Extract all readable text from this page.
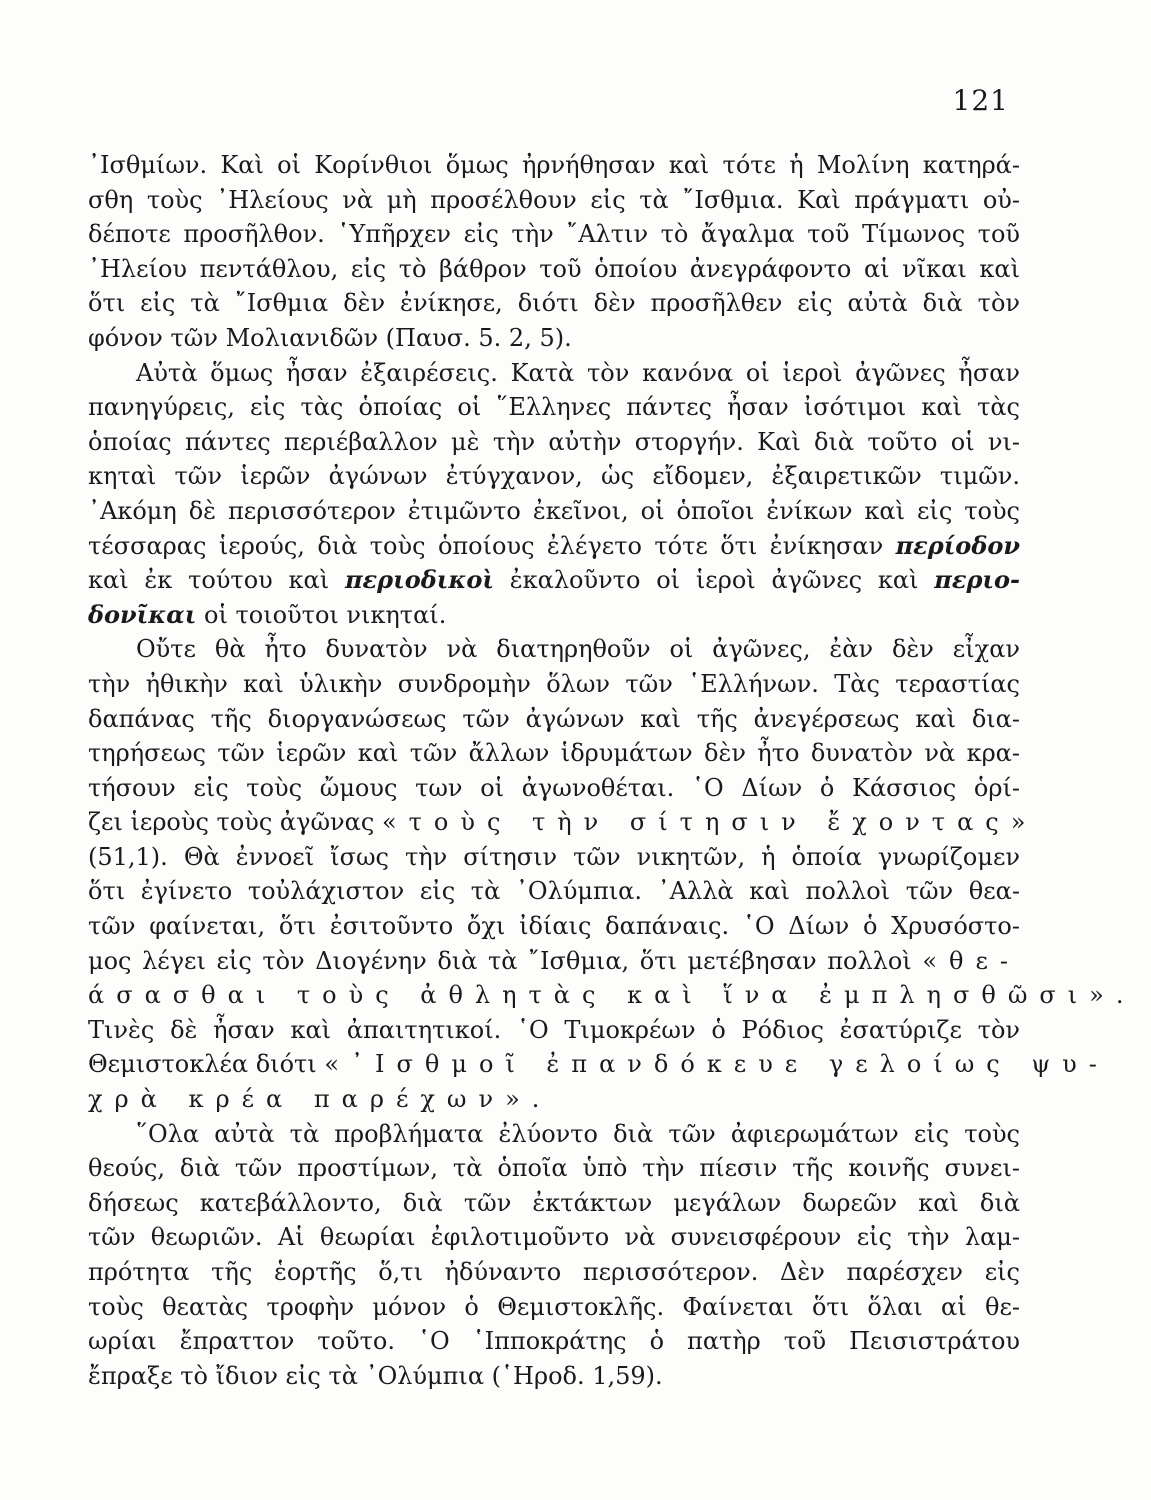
121
᾿Ισθμίων. Καὶ οἱ Κορίνθιοι ὅμως ἠρνήθησαν καὶ τότε ἡ Μολίνη κατηρά-
σθη τοὺς ᾿Ηλείους νὰ μὴ προσέλθουν εἰς τὰ ῎Ισθμια. Καὶ πράγματι οὐ-
δέποτε προσῆλθον. ῾Υπῆρχεν εἰς τὴν ῎Αλτιν τὸ ἄγαλμα τοῦ Τίμωνος τοῦ
᾿Ηλείου πεντάθλου, εἰς τὸ βάθρον τοῦ ὁποίου ἀνεγράφοντο αἱ νῖκαι καὶ
ὅτι εἰς τὰ ῎Ισθμια δὲν ἐνίκησε, διότι δὲν προσῆλθεν εἰς αὐτὰ διὰ τὸν
φόνον τῶν Μολιανιδῶν (Παυσ. 5. 2, 5).
Αὐτὰ ὅμως ἦσαν ἐξαιρέσεις. Κατὰ τὸν κανόνα οἱ ἱεροὶ ἀγῶνες ἦσαν
πανηγύρεις, εἰς τὰς ὁποίας οἱ ῞Ελληνες πάντες ἦσαν ἰσότιμοι καὶ τὰς
ὁποίας πάντες περιέβαλλον μὲ τὴν αὐτὴν στοργήν. Καὶ διὰ τοῦτο οἱ νι-
κηταὶ τῶν ἱερῶν ἀγώνων ἐτύγχανον, ὡς εἴδομεν, ἐξαιρετικῶν τιμῶν.
᾿Ακόμη δὲ περισσότερον ἐτιμῶντο ἐκεῖνοι, οἱ ὁποῖοι ἐνίκων καὶ εἰς τοὺς
τέσσαρας ἱερούς, διὰ τοὺς ὁποίους ἐλέγετο τότε ὅτι ἐνίκησαν περίοδον
καὶ ἐκ τούτου καὶ περιοδικοὶ ἐκαλοῦντο οἱ ἱεροὶ ἀγῶνες καὶ περιο-
δονῖκαι οἱ τοιοῦτοι νικηταί.
Οὔτε θὰ ἦτο δυνατὸν νὰ διατηρηθοῦν οἱ ἀγῶνες, ἐὰν δὲν εἶχαν
τὴν ἠθικὴν καὶ ὑλικὴν συνδρομὴν ὅλων τῶν ῾Ελλήνων. Τὰς τεραστίας
δαπάνας τῆς διοργανώσεως τῶν ἀγώνων καὶ τῆς ἀνεγέρσεως καὶ δια-
τηρήσεως τῶν ἱερῶν καὶ τῶν ἄλλων ἱδρυμάτων δὲν ἦτο δυνατὸν νὰ κρα-
τήσουν εἰς τοὺς ὤμους των οἱ ἀγωνοθέται. ῾Ο Δίων ὁ Κάσσιος ὁρί-
ζει ἱεροὺς τοὺς ἀγῶνας «τοὺς τὴν σίτησιν ἔχοντας»
(51,1). Θὰ ἐννοεῖ ἴσως τὴν σίτησιν τῶν νικητῶν, ἡ ὁποία γνωρίζομεν
ὅτι ἐγίνετο τοὐλάχιστον εἰς τὰ ᾿Ολύμπια. ᾿Αλλὰ καὶ πολλοὶ τῶν θεα-
τῶν φαίνεται, ὅτι ἐσιτοῦντο ὄχι ἰδίαις δαπάναις. ῾Ο Δίων ὁ Χρυσόστο-
μος λέγει εἰς τὸν Διογένην διὰ τὰ ῎Ισθμια, ὅτι μετέβησαν πολλοὶ «θε-
άσασθαι τοὺς ἀθλητὰς καὶ ἵνα ἐμπλησθῶσι».
Τινὲς δὲ ἦσαν καὶ ἀπαιτητικοί. ῾Ο Τιμοκρέων ὁ Ρόδιος ἐσατύριζε τὸν
Θεμιστοκλέα διότι «᾿Ισθμοῖ ἐπανδόκευε γελοίως ψυ-
χρὰ κρέα παρέχων».
῞Ολα αὐτὰ τὰ προβλήματα ἐλύοντο διὰ τῶν ἀφιερωμάτων εἰς τοὺς
θεούς, διὰ τῶν προστίμων, τὰ ὁποῖα ὑπὸ τὴν πίεσιν τῆς κοινῆς συνει-
δήσεως κατεβάλλοντο, διὰ τῶν ἐκτάκτων μεγάλων δωρεῶν καὶ διὰ
τῶν θεωριῶν. Αἱ θεωρίαι ἐφιλοτιμοῦντο νὰ συνεισφέρουν εἰς τὴν λαμ-
πρότητα τῆς ἑορτῆς ὅ,τι ἠδύναντο περισσότερον. Δὲν παρέσχεν εἰς
τοὺς θεατὰς τροφὴν μόνον ὁ Θεμιστοκλῆς. Φαίνεται ὅτι ὅλαι αἱ θε-
ωρίαι ἔπραττον τοῦτο. ῾Ο ῾Ιπποκράτης ὁ πατὴρ τοῦ Πεισιστράτου
ἔπραξε τὸ ἴδιον εἰς τὰ ᾿Ολύμπια (῾Ηροδ. 1,59).
